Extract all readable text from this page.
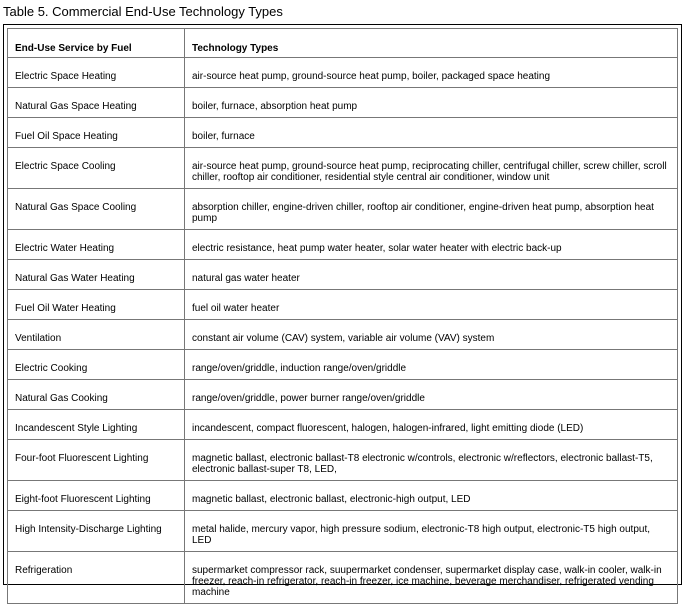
Table 5. Commercial End-Use Technology Types
End-Use Service by Fuel	Technology Types
Electric Space Heating	air-source heat pump, ground-source heat pump, boiler, packaged space heating
Natural Gas Space Heating	boiler, furnace, absorption heat pump
Fuel Oil Space Heating	boiler, furnace
Electric Space Cooling	air-source heat pump, ground-source heat pump, reciprocating chiller, centrifugal chiller, screw chiller, scroll chiller, rooftop air conditioner, residential style central air conditioner, window unit
Natural Gas Space Cooling	absorption chiller, engine-driven chiller, rooftop air conditioner, engine-driven heat pump, absorption heat pump
Electric Water Heating	electric resistance, heat pump water heater, solar water heater with electric back-up
Natural Gas Water Heating	natural gas water heater
Fuel Oil Water Heating	fuel oil water heater
Ventilation	constant air volume (CAV) system, variable air volume (VAV) system
Electric Cooking	range/oven/griddle, induction range/oven/griddle
Natural Gas Cooking	range/oven/griddle, power burner range/oven/griddle
Incandescent Style Lighting	incandescent, compact fluorescent, halogen, halogen-infrared, light emitting diode (LED)
Four-foot Fluorescent Lighting	magnetic ballast, electronic ballast-T8 electronic w/controls, electronic w/reflectors, electronic ballast-T5, electronic ballast-super T8, LED,
Eight-foot Fluorescent Lighting	magnetic ballast, electronic ballast, electronic-high output, LED
High Intensity-Discharge Lighting	metal halide, mercury vapor, high pressure sodium, electronic-T8 high output, electronic-T5 high output, LED
Refrigeration	supermarket compressor rack, suupermarket condenser, supermarket display case, walk-in cooler, walk-in freezer, reach-in refrigerator, reach-in freezer, ice machine, beverage merchandiser, refrigerated vending machine
